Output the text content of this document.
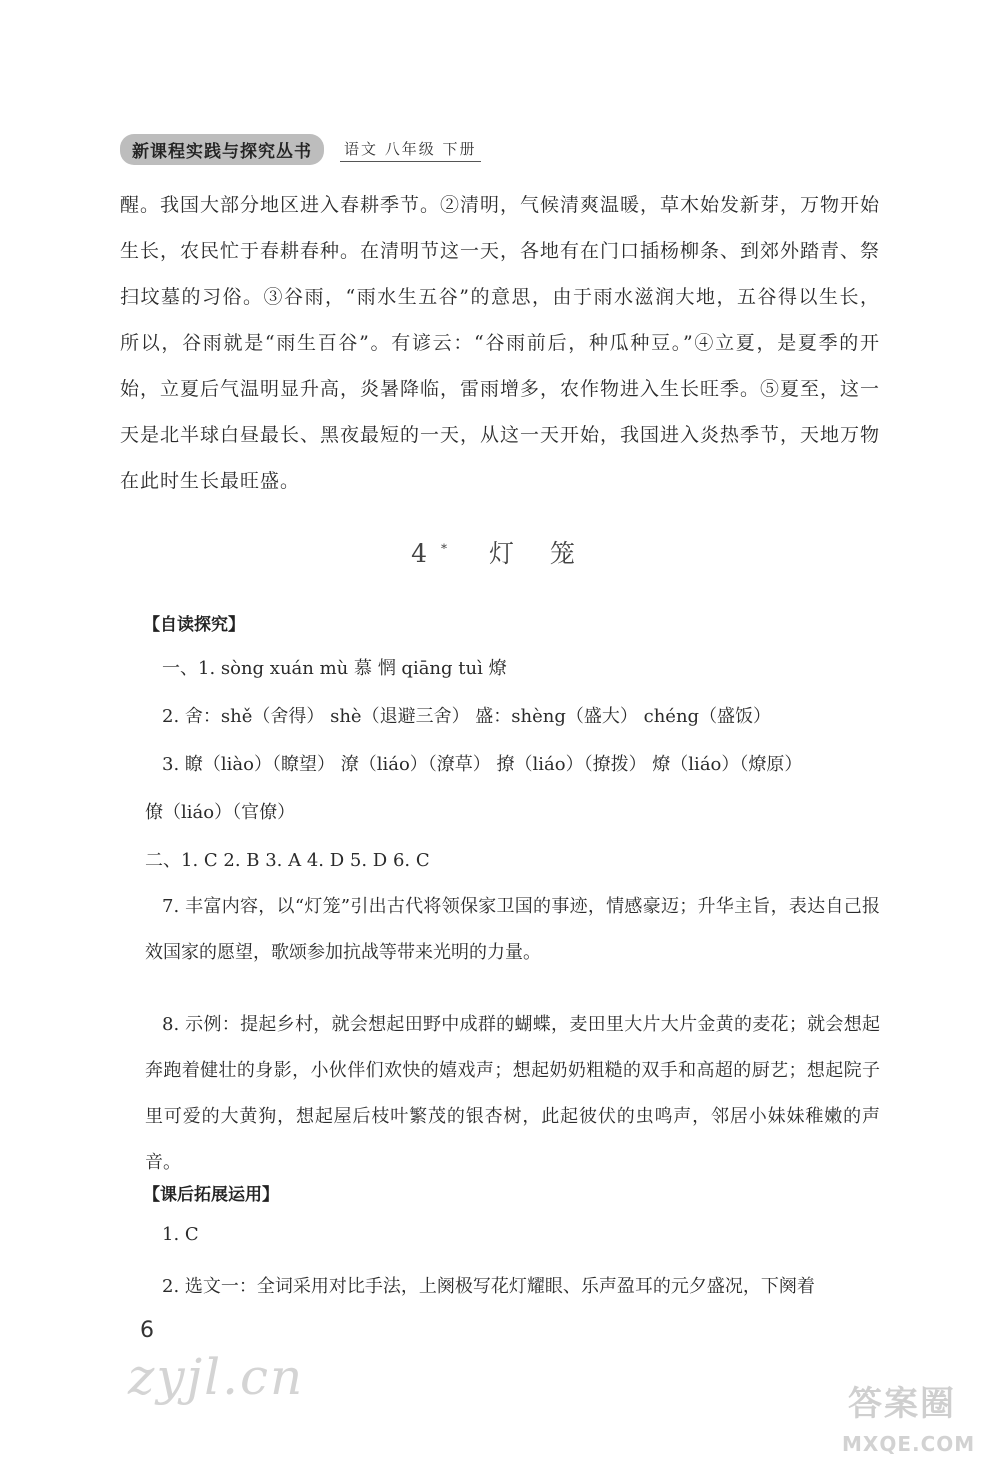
新课程实践与探究丛书	语文 八年级 下册
醒。我国大部分地区进入春耕季节。②清明，气候清爽温暖，草木始发新芽，万物开始生长，农民忙于春耕春种。在清明节这一天，各地有在门口插杨柳条、到郊外踏青、祭扫坟墓的习俗。③谷雨，“雨水生五谷”的意思，由于雨水滋润大地，五谷得以生长，所以，谷雨就是“雨生百谷”。有谚云：“谷雨前后，种瓜种豆。”④立夏，是夏季的开始，立夏后气温明显升高，炎暑降临，雷雨增多，农作物进入生长旺季。⑤夏至，这一天是北半球白昼最长、黑夜最短的一天，从这一天开始，我国进入炎热季节，天地万物在此时生长最旺盛。
4* 灯 笼
【自读探究】
一、1. sòng xuán mù 慕 惘 qiāng tuì 燎
2. 舍：shě（舍得） shè（退避三舍） 盛：shèng（盛大） chéng（盛饭）
3. 瞭（liào）（瞭望） 潦（liáo）（潦草） 撩（liáo）（撩拨） 燎（liáo）（燎原）
僚（liáo）（官僚）
二、1. C 2. B 3. A 4. D 5. D 6. C
7. 丰富内容，以“灯笼”引出古代将领保家卫国的事迹，情感豪迈；升华主旨，表达自己报效国家的愿望，歌颂参加抗战等带来光明的力量。
8. 示例：提起乡村，就会想起田野中成群的蝴蝶，麦田里大片大片金黄的麦花；就会想起奔跑着健壮的身影，小伙伴们欢快的嬉戏声；想起奶奶粗糙的双手和高超的厨艺；想起院子里可爱的大黄狗，想起屋后枝叶繁茂的银杏树，此起彼伏的虫鸣声，邻居小妹妹稚嫩的声音。
【课后拓展运用】
1. C
2. 选文一：全词采用对比手法，上阕极写花灯耀眼、乐声盈耳的元夕盛况，下阕着
6
zyjl.cn	答案圈
MXQE.COM
